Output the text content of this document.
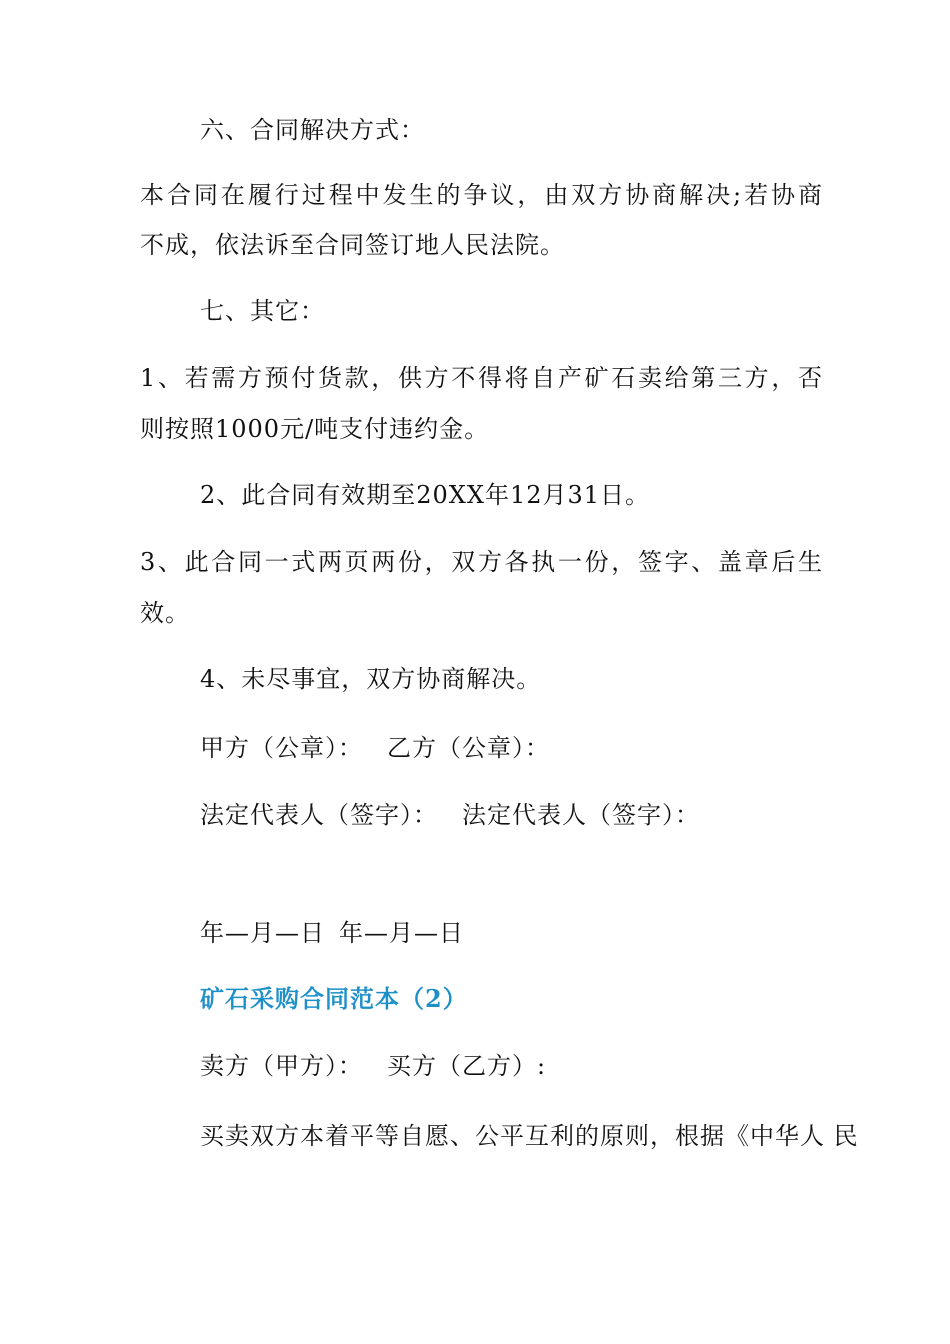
六、合同解决方式：
本合同在履行过程中发生的争议，由双方协商解决;若协商
不成，依法诉至合同签订地人民法院。
七、其它：
1、若需方预付货款，供方不得将自产矿石卖给第三方，否
则按照1000元/吨支付违约金。
2、此合同有效期至20XX年12月31日。
3、此合同一式两页两份，双方各执一份，签字、盖章后生
效。
4、未尽事宜，双方协商解决。
甲方（公章）： 乙方（公章）：
法定代表人（签字）： 法定代表人（签字）：
年—月—日 年—月—日
矿石采购合同范本（2）
卖方（甲方）： 买方（乙方）:
买卖双方本着平等自愿、公平互利的原则，根据《中华人 民
